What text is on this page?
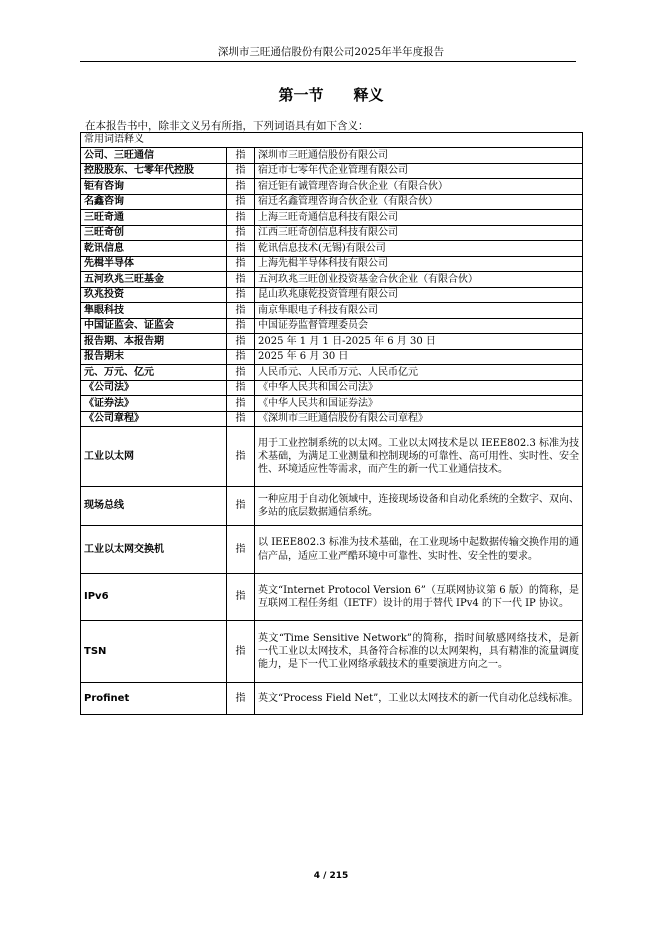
深圳市三旺通信股份有限公司2025年半年度报告
第一节 释义
在本报告书中，除非文义另有所指，下列词语具有如下含义：
常用词语释义		
公司、三旺通信	指	深圳市三旺通信股份有限公司
控股股东、七零年代控股	指	宿迁市七零年代企业管理有限公司
钜有咨询	指	宿迁钜有诚管理咨询合伙企业（有限合伙）
名鑫咨询	指	宿迁名鑫管理咨询合伙企业（有限合伙）
三旺奇通	指	上海三旺奇通信息科技有限公司
三旺奇创	指	江西三旺奇创信息科技有限公司
乾讯信息	指	乾讯信息技术(无锡)有限公司
先楫半导体	指	上海先楫半导体科技有限公司
五河玖兆三旺基金	指	五河玖兆三旺创业投资基金合伙企业（有限合伙）
玖兆投资	指	昆山玖兆康乾投资管理有限公司
隼眼科技	指	南京隼眼电子科技有限公司
中国证监会、证监会	指	中国证券监督管理委员会
报告期、本报告期	指	2025 年 1 月 1 日-2025 年 6 月 30 日
报告期末	指	2025 年 6 月 30 日
元、万元、亿元	指	人民币元、人民币万元、人民币亿元
《公司法》	指	《中华人民共和国公司法》
《证券法》	指	《中华人民共和国证券法》
《公司章程》	指	《深圳市三旺通信股份有限公司章程》
工业以太网	指	用于工业控制系统的以太网。工业以太网技术是以 IEEE802.3 标准为技术基础，为满足工业测量和控制现场的可靠性、高可用性、实时性、安全性、环境适应性等需求，而产生的新一代工业通信技术。
现场总线	指	一种应用于自动化领域中，连接现场设备和自动化系统的全数字、双向、多站的底层数据通信系统。
工业以太网交换机	指	以 IEEE802.3 标准为技术基础，在工业现场中起数据传输交换作用的通信产品，适应工业严酷环境中可靠性、实时性、安全性的要求。
IPv6	指	英文“Internet Protocol Version 6”（互联网协议第 6 版）的简称，是互联网工程任务组（IETF）设计的用于替代 IPv4 的下一代 IP 协议。
TSN	指	英文“Time Sensitive Network”的简称，指时间敏感网络技术，是新一代工业以太网技术，具备符合标准的以太网架构，具有精准的流量调度能力，是下一代工业网络承载技术的重要演进方向之一。
Profinet	指	英文“Process Field Net”，工业以太网技术的新一代自动化总线标准。
4 / 215
